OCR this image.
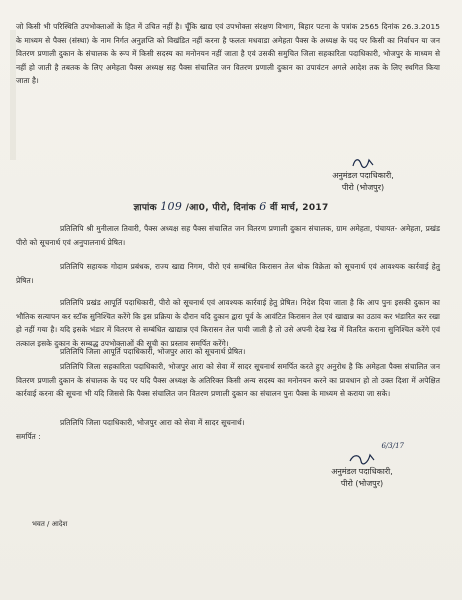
जो किसी भी परिस्थिति उपभोक्ताओं के हित में उचित नहीं है। चूँकि खाद्य एवं उपभोक्ता संरक्षण विभाग, बिहार पटना के पत्रांक 2565 दिनांक 26.3.2015 के माध्यम से पैक्स (संस्था) के नाम निर्गत अनुज्ञप्ति को विखंडित नहीं करना है फलतः मधवाडा अमेहता पैक्स के अध्यक्ष के पद पर किसी का निर्वाचन या जन वितरण प्रणाली दुकान के संचालक के रूप में किसी सदस्य का मनोनयन नहीं जाता है एवं उसकी समुचित जिला सहकारिता पदाधिकारी, भोजपुर के माध्यम से नहीं हो जाती है तबतक के लिए अमेहता पैक्स अध्यक्ष सह पैक्स संचालित जन वितरण प्रणाली दुकान का उपावंटन अगले आदेश तक के लिए स्थगित किया जाता है।

अनुमंडल पदाधिकारी,
पीरो (भोजपुर)
ज्ञापांक 109 /आ0, पीरो, दिनांक 6 वीं मार्च, 2017

प्रतिलिपि श्री मुनीलाल तिवारी, पैक्स अध्यक्ष सह पैक्स संचालित जन वितरण प्रणाली दुकान संचालक, ग्राम अमेहता, पंचायत- अमेहता, प्रखंड पीरो को सूचनार्थ एवं अनुपालनार्थ प्रेषित।

प्रतिलिपि सहायक गोदाम प्रबंधक, राज्य खाद्य निगम, पीरो एवं सम्बंधित किरासन तेल थोक विक्रेता को सूचनार्थ एवं आवश्यक कार्रवाई हेतु प्रेषित।

प्रतिलिपि प्रखंड आपूर्ति पदाधिकारी, पीरो को सूचनार्थ एवं आवश्यक कार्रवाई हेतु प्रेषित। निदेश दिया जाता है कि आप पुनः इसकी दुकान का भौतिक सत्यापन कर स्टॉक सुनिश्चित करेंगे कि इस प्रक्रिया के दौरान यदि दुकान द्वारा पूर्व के आवंटित किरासन तेल एवं खाद्यान्न का उठाव कर भंडारित कर रखा हो नहीं गया है। यदि इसके भंडार में वितरण से सम्बंधित खाद्यान्न एवं किरासन तेल पायी जाती है तो उसे अपनी देख रेख में वितरित कराना सुनिश्चित करेंगे एवं तत्काल इसके दुकान के सम्बद्ध उपभोक्ताओं की सूची का प्रस्ताव समर्पित करेंगे।

प्रतिलिपि जिला आपूर्ति पदाधिकारी, भोजपुर आरा को सूचनार्थ प्रेषित।

प्रतिलिपि जिला सहकारिता पदाधिकारी, भोजपुर आरा को सेवा में सादर सूचनार्थ समर्पित करते हुए अनुरोध है कि अमेहता पैक्स संचालित जन वितरण प्रणाली दुकान के संचालक के पद पर यदि पैक्स अध्यक्ष के अतिरिक्त किसी अन्य सदस्य का मनोनयन करने का प्रावधान हो तो उक्त दिशा में अपेक्षित कार्रवाई करना की सूचना भी यदि जिससे कि पैक्स संचालित जन वितरण प्रणाली दुकान का संचालन पुनः पैक्स के माध्यम से कराया जा सके।

प्रतिलिपि जिला पदाधिकारी, भोजपुर आरा को सेवा में सादर सूचनार्थ।

समर्पित :
6/3/17
अनुमंडल पदाधिकारी,
पीरो (भोजपुर)
भवत / आदेश
